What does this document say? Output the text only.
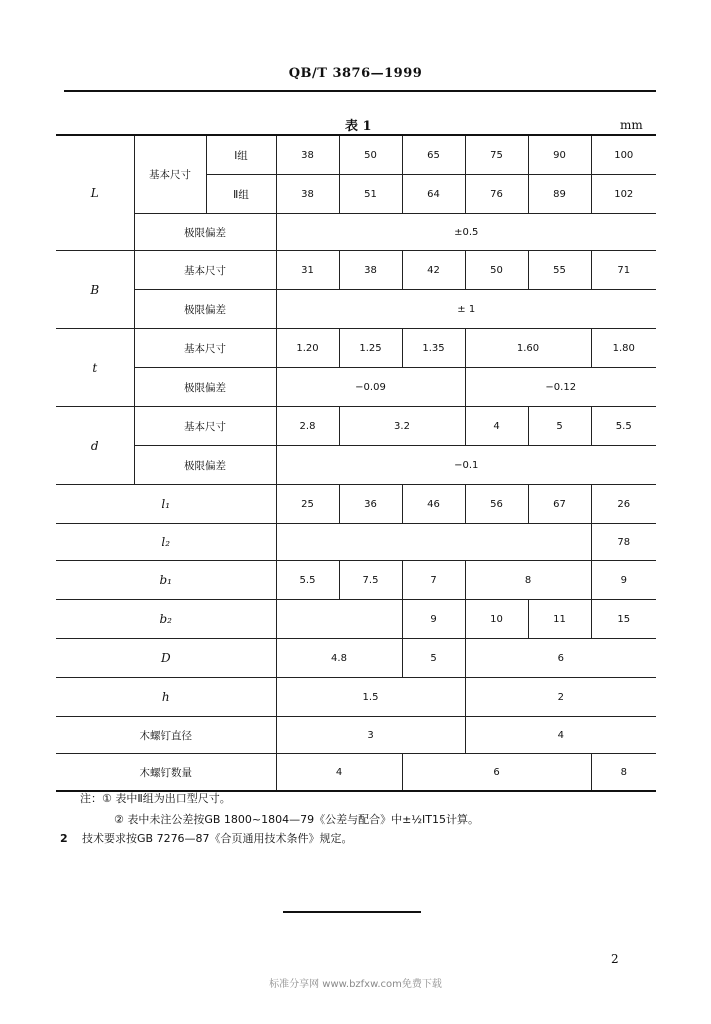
QB/T 3876—1999
表 1	mm
L	基本尺寸	Ⅰ组	38	50	65	75	90	100
		Ⅱ组	38	51	64	76	89	102
	极限偏差		±0.5					
B	基本尺寸		31	38	42	50	55	71
	极限偏差		± 1					
t	基本尺寸		1.20	1.25	1.35	1.60		1.80
	极限偏差		−0.09			−0.12		
d	基本尺寸		2.8	3.2		4	5	5.5
	极限偏差		−0.1					
l₁			25	36	46	56	67	26
l₂								78
b₁			5.5	7.5	7	8		9
b₂					9	10	11	15
D			4.8		5	6		
h			1.5			2		
木螺钉直径			3			4		
木螺钉数量			4		6			8
注：① 表中Ⅱ组为出口型尺寸。
② 表中未注公差按GB 1800~1804—79《公差与配合》中±½IT15计算。
2 技术要求按GB 7276—87《合页通用技术条件》规定。
2
标准分享网 www.bzfxw.com免费下载
